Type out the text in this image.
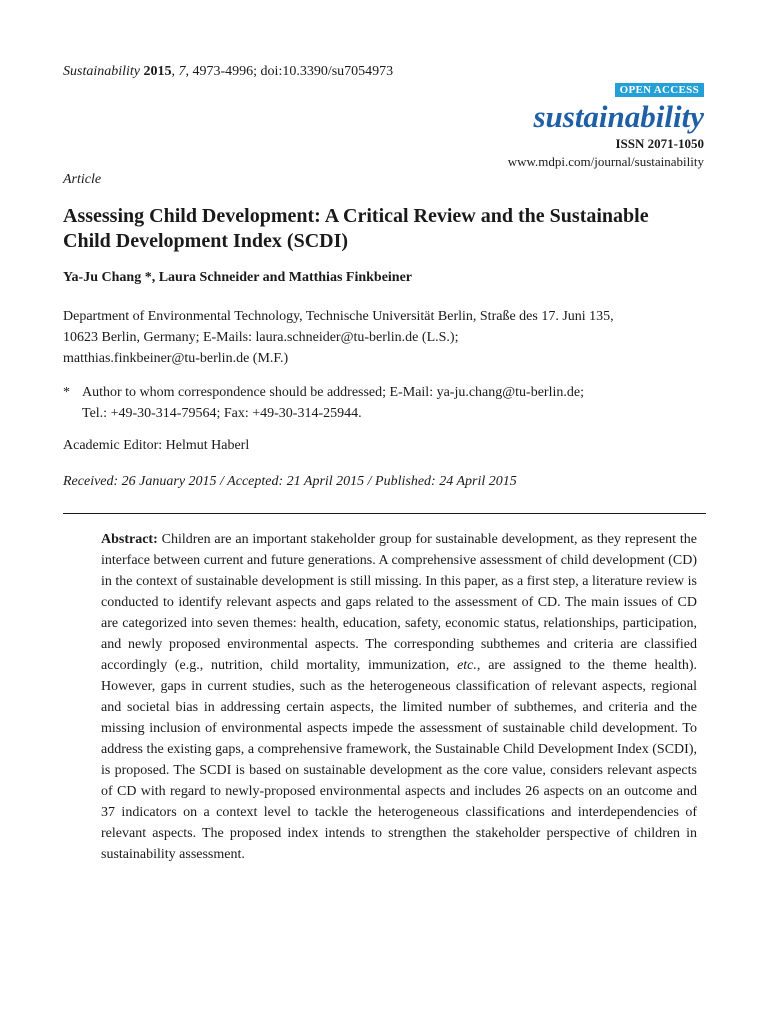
Sustainability 2015, 7, 4973-4996; doi:10.3390/su7054973
OPEN ACCESS
sustainability
ISSN 2071-1050
www.mdpi.com/journal/sustainability
Article
Assessing Child Development: A Critical Review and the Sustainable Child Development Index (SCDI)
Ya-Ju Chang *, Laura Schneider and Matthias Finkbeiner
Department of Environmental Technology, Technische Universität Berlin, Straße des 17. Juni 135,
10623 Berlin, Germany; E-Mails: laura.schneider@tu-berlin.de (L.S.);
matthias.finkbeiner@tu-berlin.de (M.F.)
* Author to whom correspondence should be addressed; E-Mail: ya-ju.chang@tu-berlin.de;
Tel.: +49-30-314-79564; Fax: +49-30-314-25944.
Academic Editor: Helmut Haberl
Received: 26 January 2015 / Accepted: 21 April 2015 / Published: 24 April 2015

Abstract: Children are an important stakeholder group for sustainable development, as they represent the interface between current and future generations. A comprehensive assessment of child development (CD) in the context of sustainable development is still missing. In this paper, as a first step, a literature review is conducted to identify relevant aspects and gaps related to the assessment of CD. The main issues of CD are categorized into seven themes: health, education, safety, economic status, relationships, participation, and newly proposed environmental aspects. The corresponding subthemes and criteria are classified accordingly (e.g., nutrition, child mortality, immunization, etc., are assigned to the theme health). However, gaps in current studies, such as the heterogeneous classification of relevant aspects, regional and societal bias in addressing certain aspects, the limited number of subthemes, and criteria and the missing inclusion of environmental aspects impede the assessment of sustainable child development. To address the existing gaps, a comprehensive framework, the Sustainable Child Development Index (SCDI), is proposed. The SCDI is based on sustainable development as the core value, considers relevant aspects of CD with regard to newly-proposed environmental aspects and includes 26 aspects on an outcome and 37 indicators on a context level to tackle the heterogeneous classifications and interdependencies of relevant aspects. The proposed index intends to strengthen the stakeholder perspective of children in sustainability assessment.
